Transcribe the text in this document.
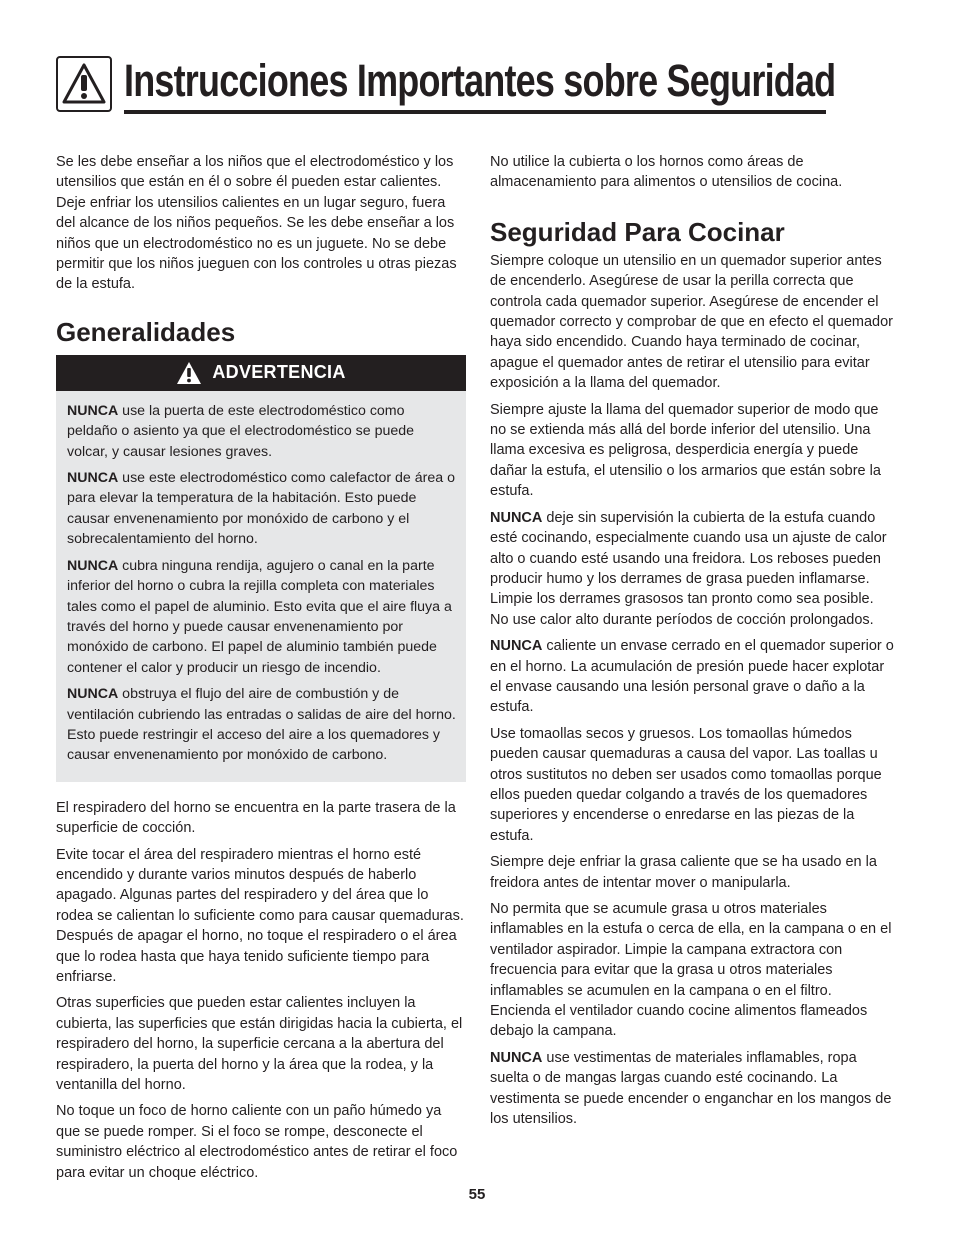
Instrucciones Importantes sobre Seguridad

Se les debe enseñar a los niños que el electrodoméstico y los utensilios que están en él o sobre él pueden estar calientes. Deje enfriar los utensilios calientes en un lugar seguro, fuera del alcance de los niños pequeños. Se les debe enseñar a los niños que un electrodoméstico no es un juguete. No se debe permitir que los niños jueguen con los controles u otras piezas de la estufa.

Generalidades
ADVERTENCIA

NUNCA use la puerta de este electrodoméstico como peldaño o asiento ya que el electrodoméstico se puede volcar, y causar lesiones graves.

NUNCA use este electrodoméstico como calefactor de área o para elevar la temperatura de la habitación. Esto puede causar envenenamiento por monóxido de carbono y el sobrecalentamiento del horno.

NUNCA cubra ninguna rendija, agujero o canal en la parte inferior del horno o cubra la rejilla completa con materiales tales como el papel de aluminio. Esto evita que el aire fluya a través del horno y puede causar envenenamiento por monóxido de carbono. El papel de aluminio también puede contener el calor y producir un riesgo de incendio.

NUNCA obstruya el flujo del aire de combustión y de ventilación cubriendo las entradas o salidas de aire del horno. Esto puede restringir el acceso del aire a los quemadores y causar envenenamiento por monóxido de carbono.

El respiradero del horno se encuentra en la parte trasera de la superficie de cocción.

Evite tocar el área del respiradero mientras el horno esté encendido y durante varios minutos después de haberlo apagado. Algunas partes del respiradero y del área que lo rodea se calientan lo suficiente como para causar quemaduras. Después de apagar el horno, no toque el respiradero o el área que lo rodea hasta que haya tenido suficiente tiempo para enfriarse.

Otras superficies que pueden estar calientes incluyen la cubierta, las superficies que están dirigidas hacia la cubierta, el respiradero del horno, la superficie cercana a la abertura del respiradero, la puerta del horno y la área que la rodea, y la ventanilla del horno.

No toque un foco de horno caliente con un paño húmedo ya que se puede romper. Si el foco se rompe, desconecte el suministro eléctrico al electrodoméstico antes de retirar el foco para evitar un choque eléctrico.

No utilice la cubierta o los hornos como áreas de almacenamiento para alimentos o utensilios de cocina.

Seguridad Para Cocinar

Siempre coloque un utensilio en un quemador superior antes de encenderlo. Asegúrese de usar la perilla correcta que controla cada quemador superior. Asegúrese de encender el quemador correcto y comprobar de que en efecto el quemador haya sido encendido. Cuando haya terminado de cocinar, apague el quemador antes de retirar el utensilio para evitar exposición a la llama del quemador.

Siempre ajuste la llama del quemador superior de modo que no se extienda más allá del borde inferior del utensilio. Una llama excesiva es peligrosa, desperdicia energía y puede dañar la estufa, el utensilio o los armarios que están sobre la estufa.

NUNCA deje sin supervisión la cubierta de la estufa cuando esté cocinando, especialmente cuando usa un ajuste de calor alto o cuando esté usando una freidora. Los reboses pueden producir humo y los derrames de grasa pueden inflamarse. Limpie los derrames grasosos tan pronto como sea posible. No use calor alto durante períodos de cocción prolongados.

NUNCA caliente un envase cerrado en el quemador superior o en el horno. La acumulación de presión puede hacer explotar el envase causando una lesión personal grave o daño a la estufa.

Use tomaollas secos y gruesos. Los tomaollas húmedos pueden causar quemaduras a causa del vapor. Las toallas u otros sustitutos no deben ser usados como tomaollas porque ellos pueden quedar colgando a través de los quemadores superiores y encenderse o enredarse en las piezas de la estufa.

Siempre deje enfriar la grasa caliente que se ha usado en la freidora antes de intentar mover o manipularla.

No permita que se acumule grasa u otros materiales inflamables en la estufa o cerca de ella, en la campana o en el ventilador aspirador. Limpie la campana extractora con frecuencia para evitar que la grasa u otros materiales inflamables se acumulen en la campana o en el filtro. Encienda el ventilador cuando cocine alimentos flameados debajo la campana.

NUNCA use vestimentas de materiales inflamables, ropa suelta o de mangas largas cuando esté cocinando. La vestimenta se puede encender o enganchar en los mangos de los utensilios.

55
